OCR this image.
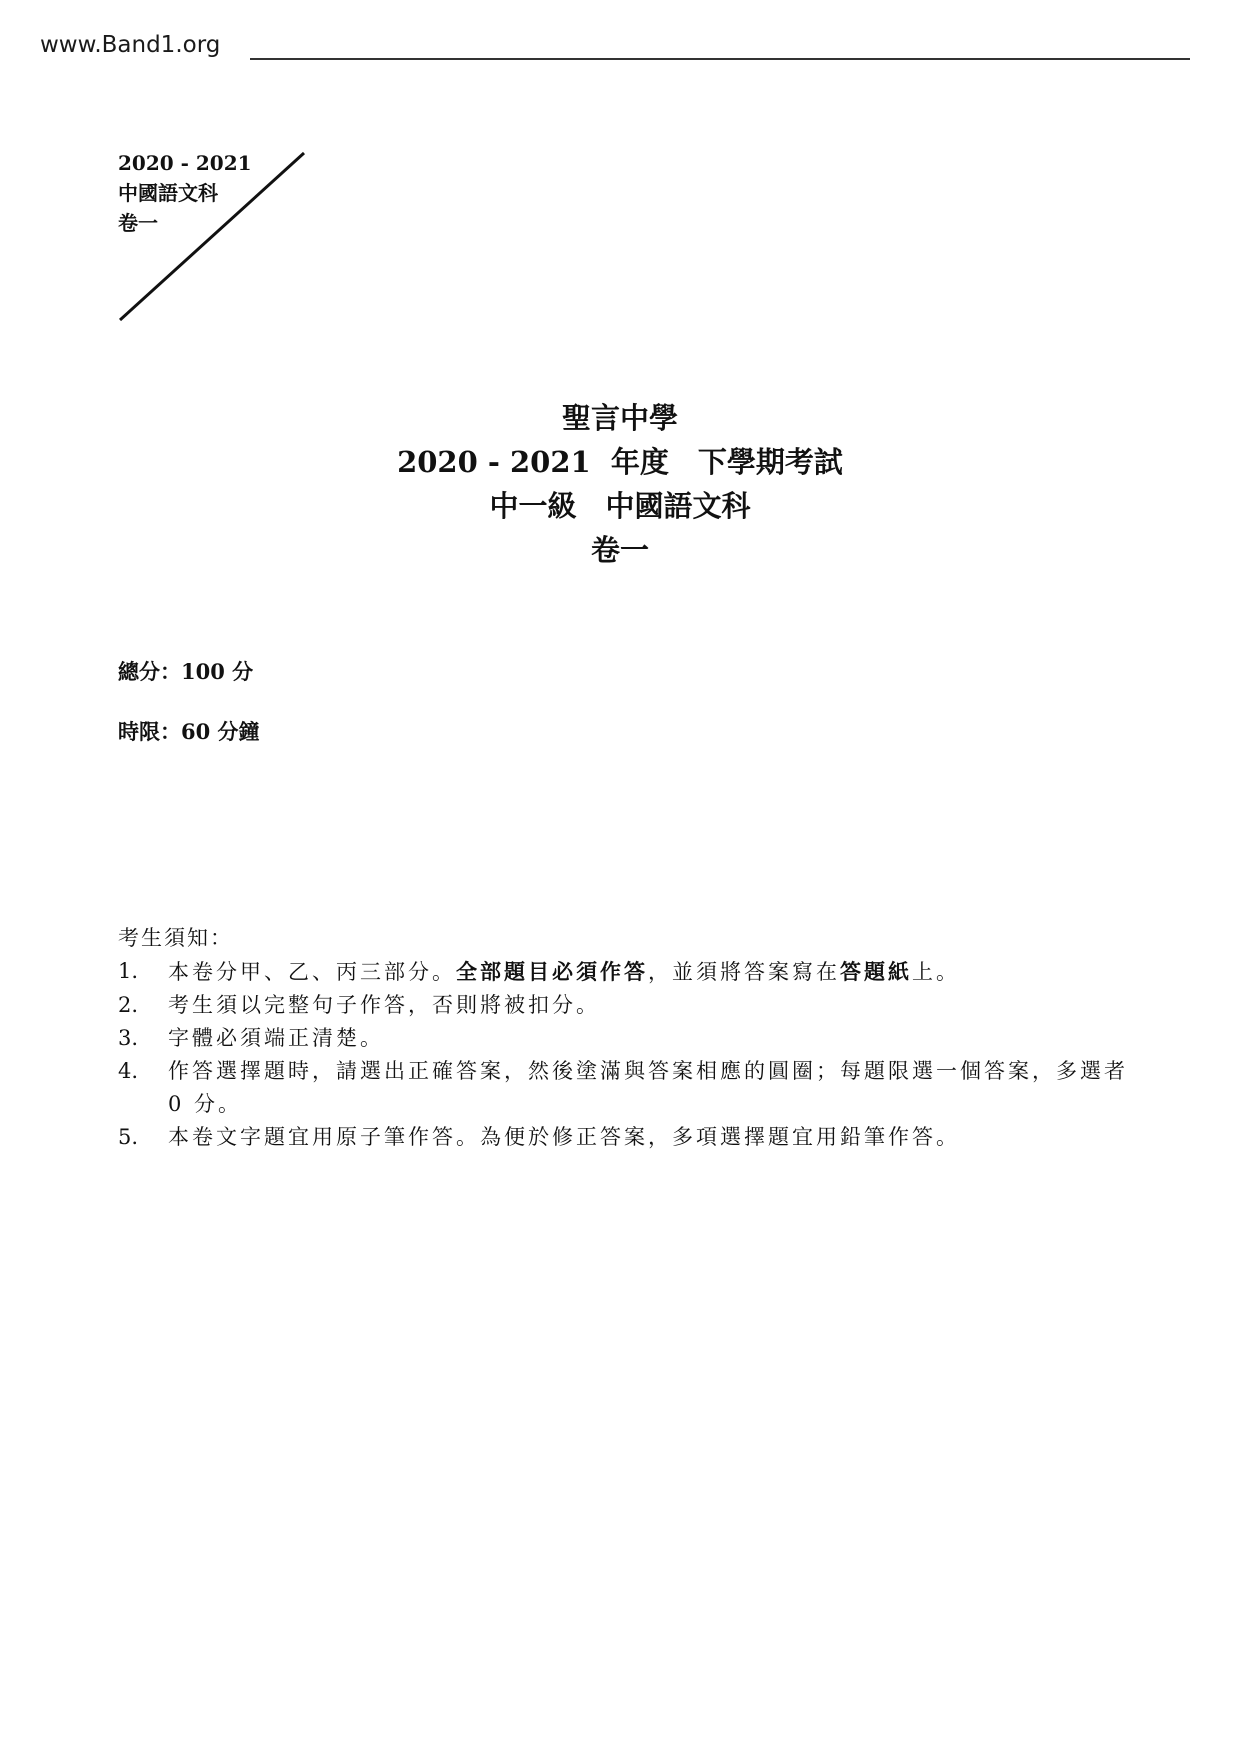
www.Band1.org
2020 - 2021
中國語文科
卷一
聖言中學
2020 - 2021  年度　下學期考試
中一級　中國語文科
卷一
總分：100 分
時限：60 分鐘
考生須知：
1.	本卷分甲、乙、丙三部分。全部題目必須作答，並須將答案寫在答題紙上。
2.	考生須以完整句子作答，否則將被扣分。
3.	字體必須端正清楚。
4.	作答選擇題時，請選出正確答案，然後塗滿與答案相應的圓圈；每題限選一個答案，多選者 0 分。
5.	本卷文字題宜用原子筆作答。為便於修正答案，多項選擇題宜用鉛筆作答。
